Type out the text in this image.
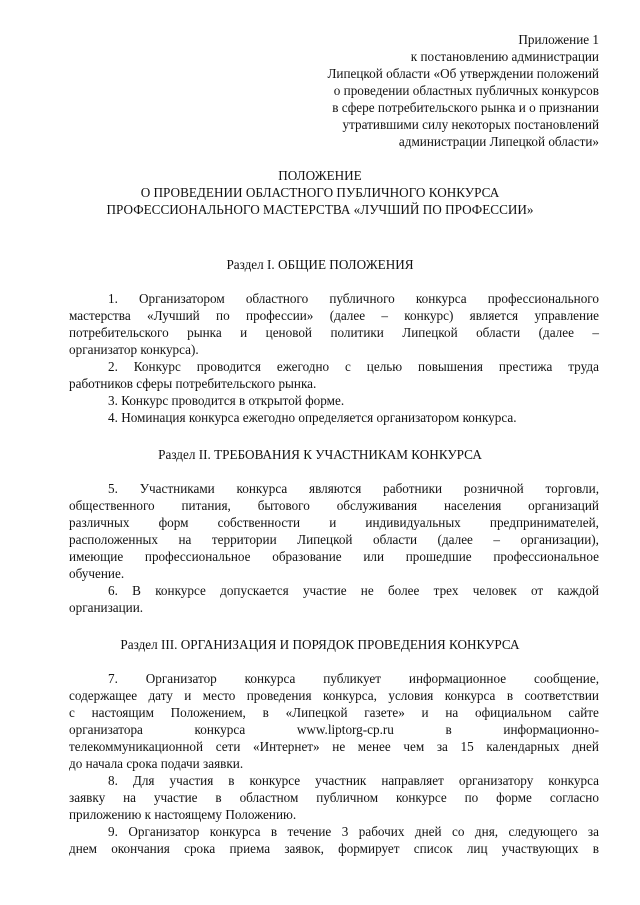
Приложение 1
к постановлению администрации
Липецкой области «Об утверждении положений
о проведении областных публичных конкурсов
в сфере потребительского рынка и о признании
утратившими силу некоторых постановлений
администрации Липецкой области»
ПОЛОЖЕНИЕ
О ПРОВЕДЕНИИ ОБЛАСТНОГО ПУБЛИЧНОГО КОНКУРСА
ПРОФЕССИОНАЛЬНОГО МАСТЕРСТВА «ЛУЧШИЙ ПО ПРОФЕССИИ»
Раздел I. ОБЩИЕ ПОЛОЖЕНИЯ
1. Организатором областного публичного конкурса профессионального
мастерства «Лучший по профессии» (далее – конкурс) является управление
потребительского рынка и ценовой политики Липецкой области (далее –
организатор конкурса).
2. Конкурс проводится ежегодно с целью повышения престижа труда
работников сферы потребительского рынка.
3. Конкурс проводится в открытой форме.
4. Номинация конкурса ежегодно определяется организатором конкурса.
Раздел II. ТРЕБОВАНИЯ К УЧАСТНИКАМ КОНКУРСА
5. Участниками конкурса являются работники розничной торговли,
общественного питания, бытового обслуживания населения организаций
различных форм собственности и индивидуальных предпринимателей,
расположенных на территории Липецкой области (далее – организации),
имеющие профессиональное образование или прошедшие профессиональное
обучение.
6. В конкурсе допускается участие не более трех человек от каждой
организации.
Раздел III. ОРГАНИЗАЦИЯ И ПОРЯДОК ПРОВЕДЕНИЯ КОНКУРСА
7. Организатор конкурса публикует информационное сообщение,
содержащее дату и место проведения конкурса, условия конкурса в соответствии
с настоящим Положением, в «Липецкой газете» и на официальном сайте
организатора	конкурса	www.liptorg-cp.ru	в	информационно-
телекоммуникационной сети «Интернет» не менее чем за 15 календарных дней
до начала срока подачи заявки.
8. Для участия в конкурсе участник направляет организатору конкурса
заявку на участие в областном публичном конкурсе по форме согласно
приложению к настоящему Положению.
9. Организатор конкурса в течение 3 рабочих дней со дня, следующего за
днем окончания срока приема заявок, формирует список лиц участвующих в
